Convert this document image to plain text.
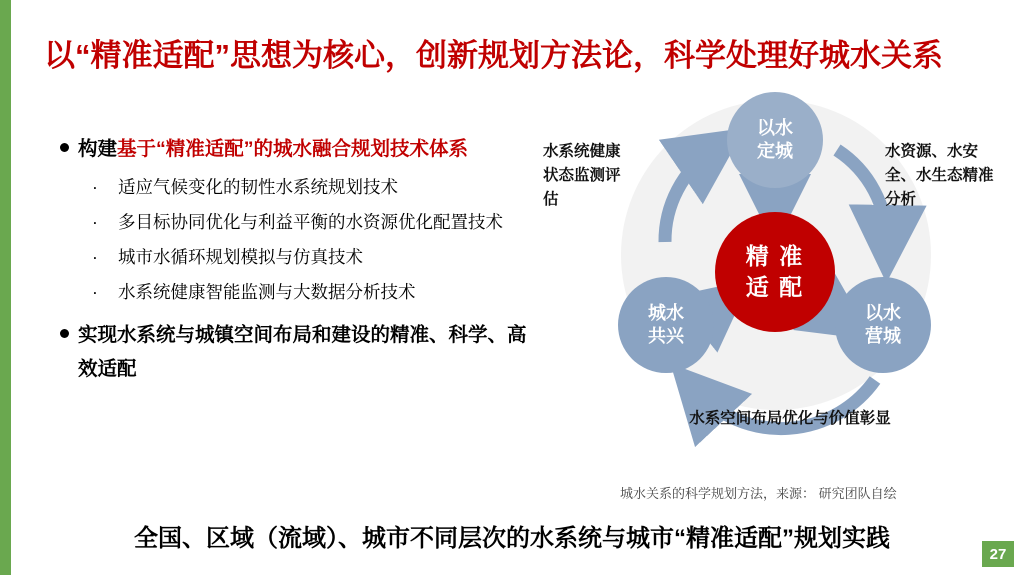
以“精准适配”思想为核心，创新规划方法论，科学处理好城水关系
构建基于“精准适配”的城水融合规划技术体系
· 适应气候变化的韧性水系统规划技术
· 多目标协同优化与利益平衡的水资源优化配置技术
· 城市水循环规划模拟与仿真技术
· 水系统健康智能监测与大数据分析技术
实现水系统与城镇空间布局和建设的精准、科学、高效适配
以水
定城
以水
营城
城水
共兴
精 准
适 配
水系统健康状态监测评估
水资源、水安全、水生态精准分析
水系空间布局优化与价值彰显
城水关系的科学规划方法，来源： 研究团队自绘
全国、区域（流域）、城市不同层次的水系统与城市“精准适配”规划实践
27
